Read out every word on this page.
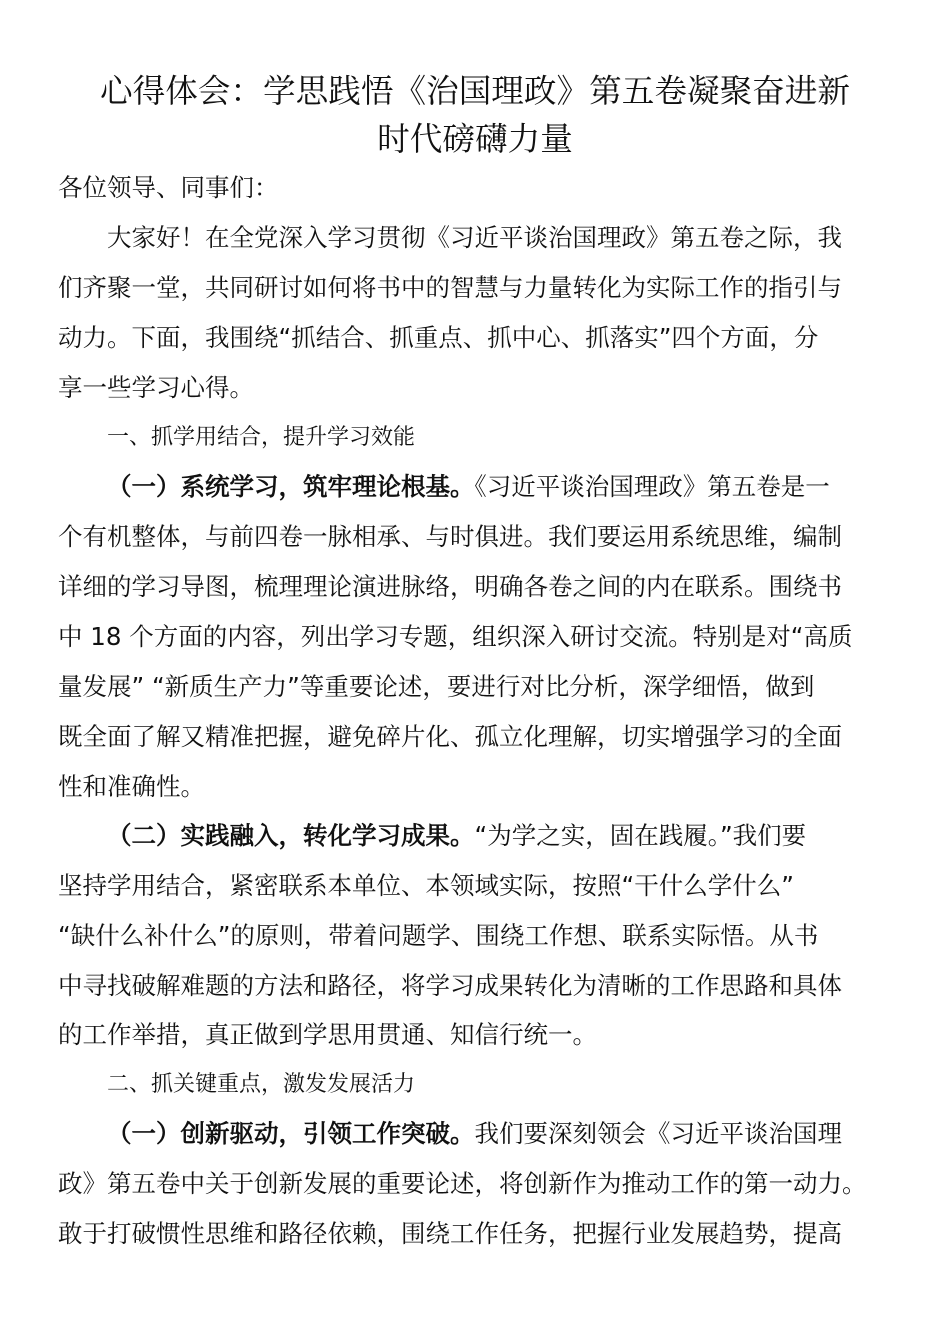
心得体会：学思践悟《治国理政》第五卷凝聚奋进新
时代磅礴力量
各位领导、同事们：
大家好！在全党深入学习贯彻《习近平谈治国理政》第五卷之际，我
们齐聚一堂，共同研讨如何将书中的智慧与力量转化为实际工作的指引与
动力。下面，我围绕“抓结合、抓重点、抓中心、抓落实”四个方面，分
享一些学习心得。
一、抓学用结合，提升学习效能
（一）系统学习，筑牢理论根基。《习近平谈治国理政》第五卷是一
个有机整体，与前四卷一脉相承、与时俱进。我们要运用系统思维，编制
详细的学习导图，梳理理论演进脉络，明确各卷之间的内在联系。围绕书
中 18 个方面的内容，列出学习专题，组织深入研讨交流。特别是对“高质
量发展” “新质生产力”等重要论述，要进行对比分析，深学细悟，做到
既全面了解又精准把握，避免碎片化、孤立化理解，切实增强学习的全面
性和准确性。
（二）实践融入，转化学习成果。“为学之实，固在践履。”我们要
坚持学用结合，紧密联系本单位、本领域实际，按照“干什么学什么”
“缺什么补什么”的原则，带着问题学、围绕工作想、联系实际悟。从书
中寻找破解难题的方法和路径，将学习成果转化为清晰的工作思路和具体
的工作举措，真正做到学思用贯通、知信行统一。
二、抓关键重点，激发发展活力
（一）创新驱动，引领工作突破。我们要深刻领会《习近平谈治国理
政》第五卷中关于创新发展的重要论述，将创新作为推动工作的第一动力。
敢于打破惯性思维和路径依赖，围绕工作任务，把握行业发展趋势，提高
